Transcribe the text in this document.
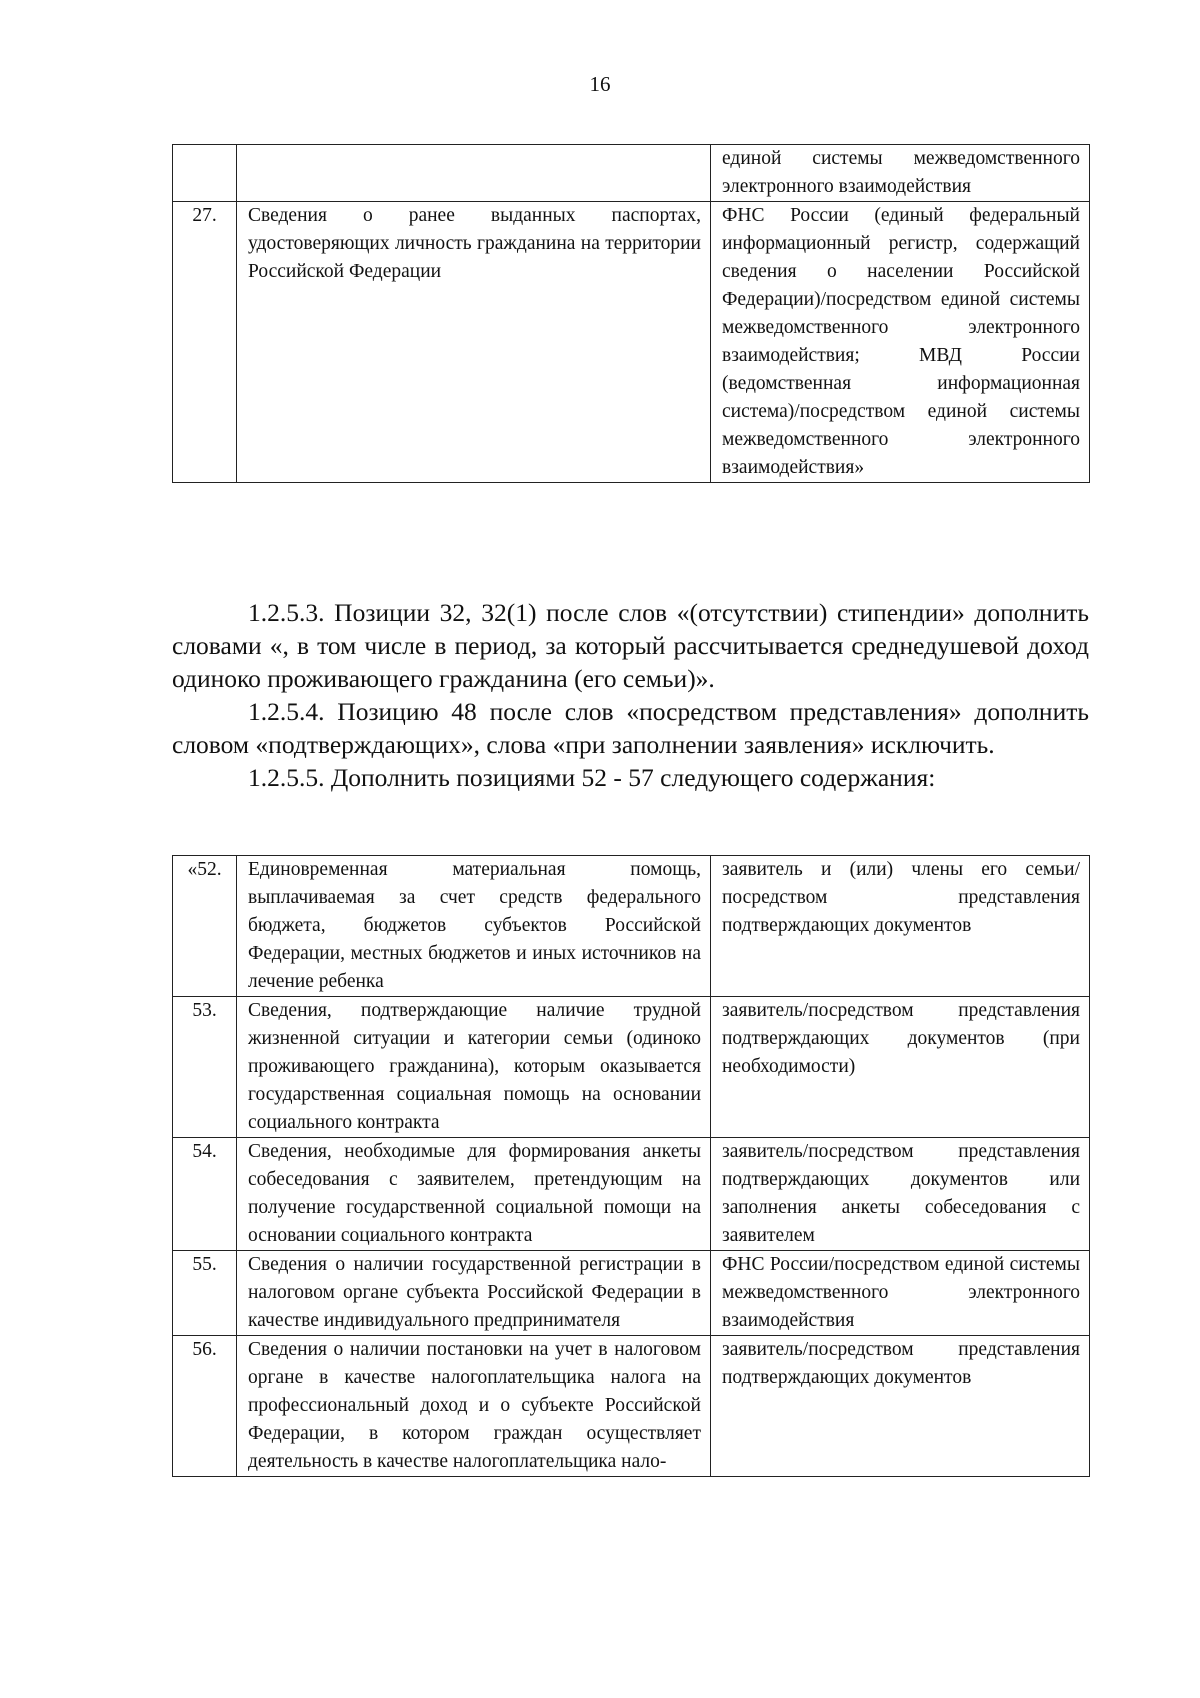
16
		единой системы межведомственного электронного взаимодействия
27.	Сведения о ранее выданных паспортах, удостоверяющих личность гражданина на территории Российской Федерации	ФНС России (единый федеральный информационный регистр, содержащий сведения о населении Российской Федерации)/посредством единой системы межведомственного электронного взаимодействия; МВД России (ведомственная информационная система)/посредством единой системы межведомственного электронного взаимодействия»

1.2.5.3. Позиции 32, 32(1) после слов «(отсутствии) стипендии» дополнить словами «, в том числе в период, за который рассчитывается среднедушевой доход одиноко проживающего гражданина (его семьи)».

1.2.5.4. Позицию 48 после слов «посредством представления» дополнить словом «подтверждающих», слова «при заполнении заявления» исключить.

1.2.5.5. Дополнить позициями 52 - 57 следующего содержания:

«52.	Единовременная материальная помощь, выплачиваемая за счет средств федерального бюджета, бюджетов субъектов Российской Федерации, местных бюджетов и иных источников на лечение ребенка	заявитель и (или) члены его семьи/посредством представления подтверждающих документов
53.	Сведения, подтверждающие наличие трудной жизненной ситуации и категории семьи (одиноко проживающего гражданина), которым оказывается государственная социальная помощь на основании социального контракта	заявитель/посредством представления подтверждающих документов (при необходимости)
54.	Сведения, необходимые для формирования анкеты собеседования с заявителем, претендующим на получение государственной социальной помощи на основании социального контракта	заявитель/посредством представления подтверждающих документов или заполнения анкеты собеседования с заявителем
55.	Сведения о наличии государственной регистрации в налоговом органе субъекта Российской Федерации в качестве индивидуального предпринимателя	ФНС России/посредством единой системы межведомственного электронного взаимодействия
56.	Сведения о наличии постановки на учет в налоговом органе в качестве налогоплательщика налога на профессиональный доход и о субъекте Российской Федерации, в котором граждан осуществляет деятельность в качестве налогоплательщика нало-	заявитель/посредством представления подтверждающих документов
